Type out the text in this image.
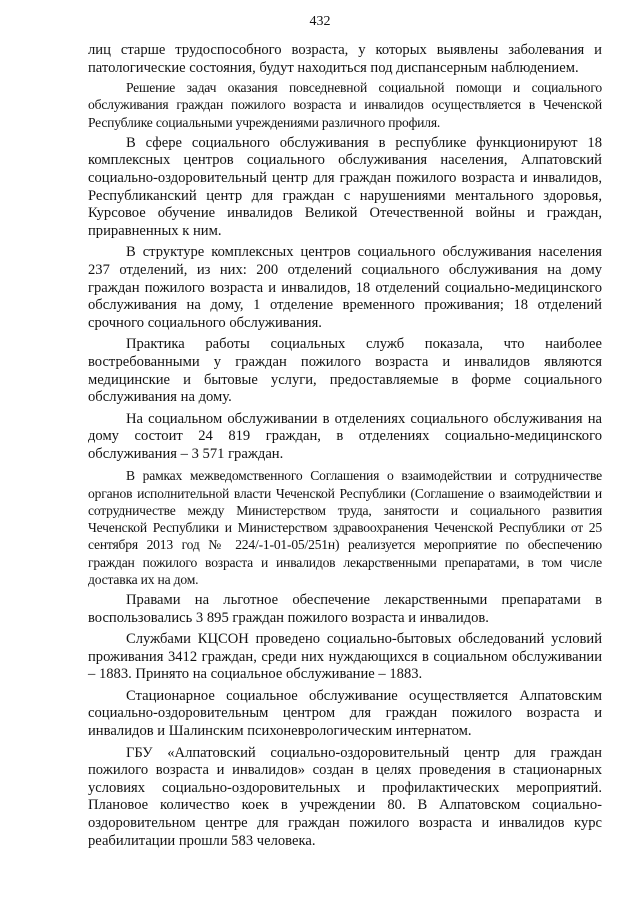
432

лиц старше трудоспособного возраста, у которых выявлены заболевания и патологические состояния, будут находиться под диспансерным наблюдением.

Решение задач оказания повседневной социальной помощи и социального обслуживания граждан пожилого возраста и инвалидов осуществляется в Чеченской Республике социальными учреждениями различного профиля.

В сфере социального обслуживания в республике функционируют 18 комплексных центров социального обслуживания населения, Алпатовский социально-оздоровительный центр для граждан пожилого возраста и инвалидов, Республиканский центр для граждан с нарушениями ментального здоровья, Курсовое обучение инвалидов Великой Отечественной войны и граждан, приравненных к ним.

В структуре комплексных центров социального обслуживания населения 237 отделений, из них: 200 отделений социального обслуживания на дому граждан пожилого возраста и инвалидов, 18 отделений социально-медицинского обслуживания на дому, 1 отделение временного проживания; 18 отделений срочного социального обслуживания.

Практика работы социальных служб показала, что наиболее востребованными у граждан пожилого возраста и инвалидов являются медицинские и бытовые услуги, предоставляемые в форме социального обслуживания на дому.

На социальном обслуживании в отделениях социального обслуживания на дому состоит 24 819 граждан, в отделениях социально-медицинского обслуживания – 3 571 граждан.

В рамках межведомственного Соглашения о взаимодействии и сотрудничестве органов исполнительной власти Чеченской Республики (Соглашение о взаимодействии и сотрудничестве между Министерством труда, занятости и социального развития Чеченской Республики и Министерством здравоохранения Чеченской Республики от 25 сентября 2013 год № 224/-1-01-05/251н) реализуется мероприятие по обеспечению граждан пожилого возраста и инвалидов лекарственными препаратами, в том числе доставка их на дом.

Правами на льготное обеспечение лекарственными препаратами в воспользовались 3 895 граждан пожилого возраста и инвалидов.

Службами КЦСОН проведено социально-бытовых обследований условий проживания 3412 граждан, среди них нуждающихся в социальном обслуживании – 1883. Принято на социальное обслуживание – 1883.

Стационарное социальное обслуживание осуществляется Алпатовским социально-оздоровительным центром для граждан пожилого возраста и инвалидов и Шалинским психоневрологическим интернатом.

ГБУ «Алпатовский социально-оздоровительный центр для граждан пожилого возраста и инвалидов» создан в целях проведения в стационарных условиях социально-оздоровительных и профилактических мероприятий. Плановое количество коек в учреждении 80. В Алпатовском социально-оздоровительном центре для граждан пожилого возраста и инвалидов курс реабилитации прошли 583 человека.
